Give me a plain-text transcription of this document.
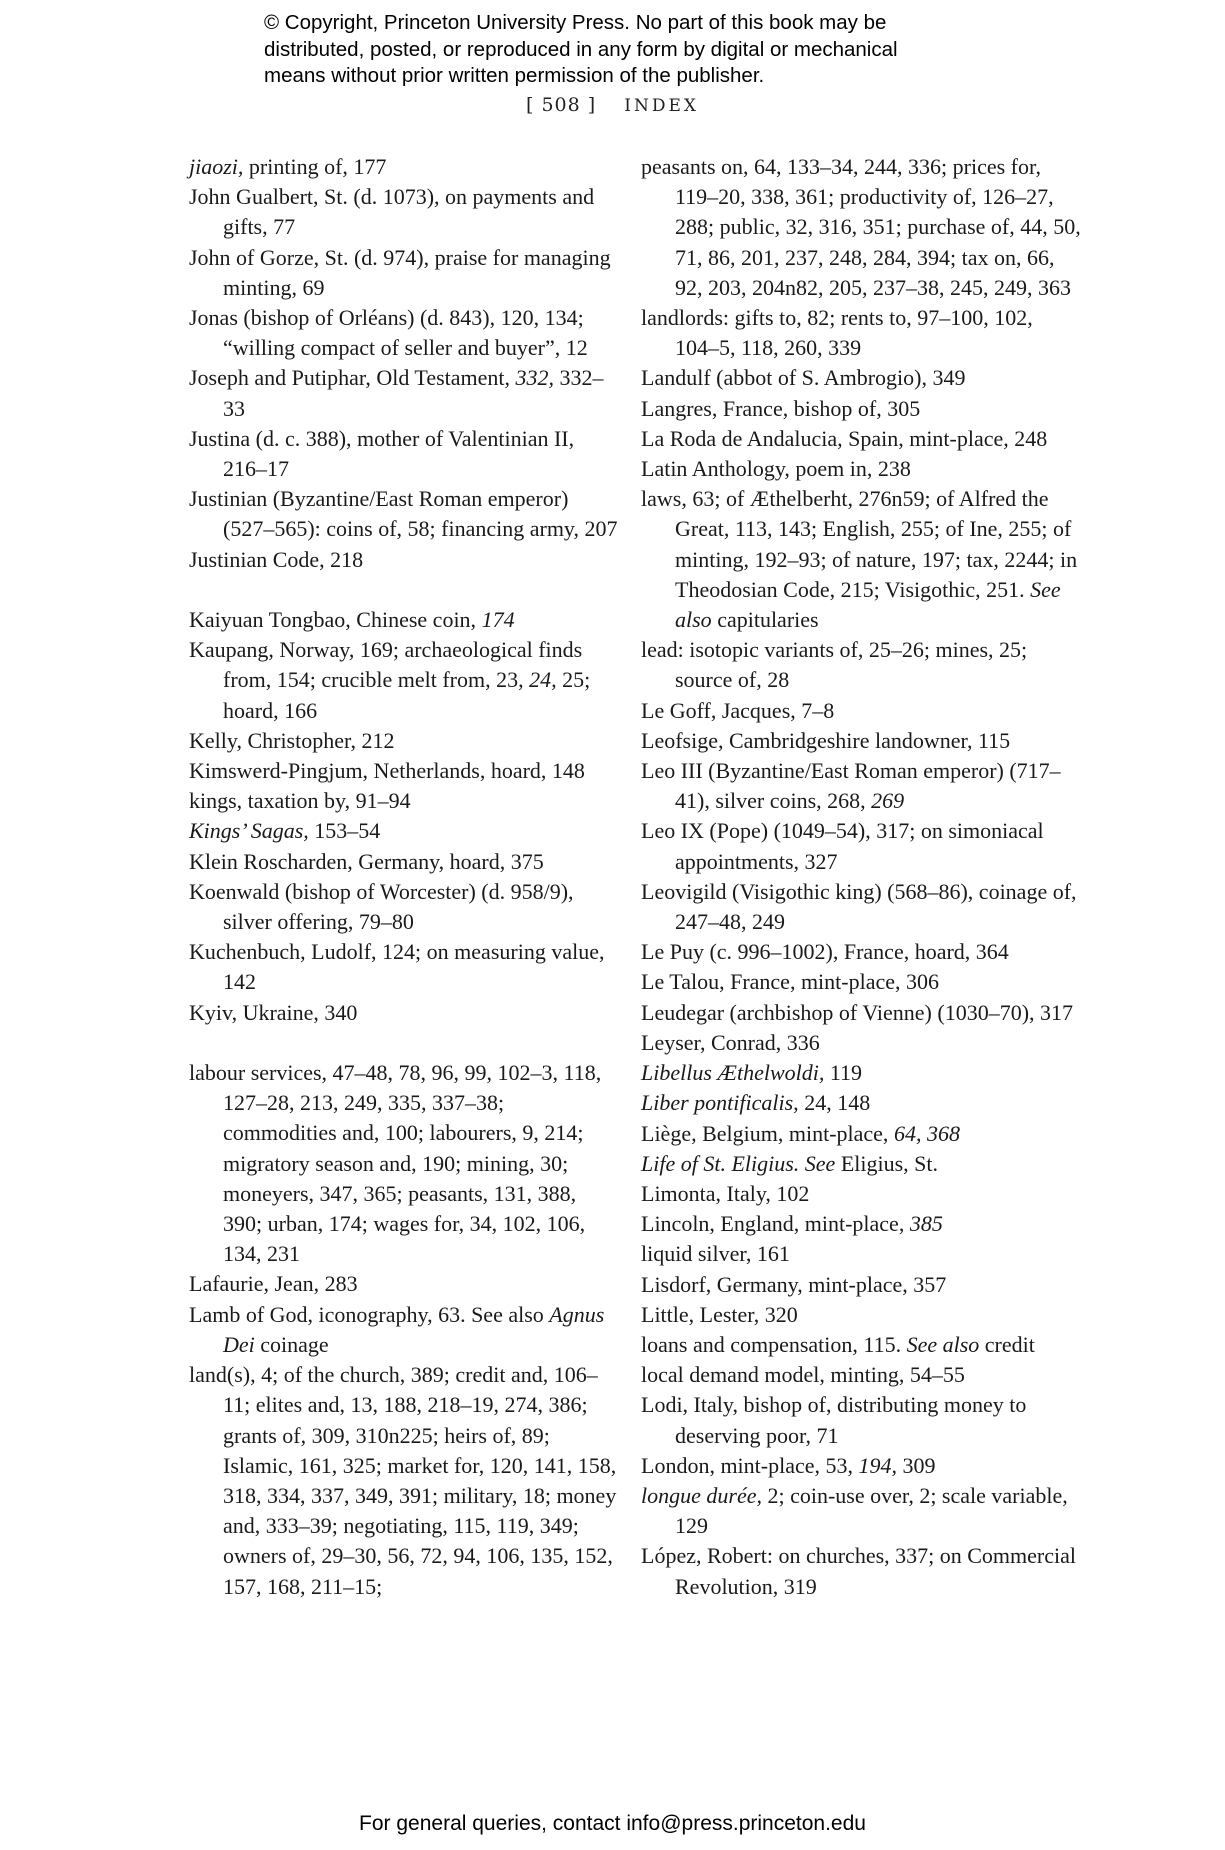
© Copyright, Princeton University Press. No part of this book may be
distributed, posted, or reproduced in any form by digital or mechanical
means without prior written permission of the publisher.
[ 508 ] INDEX
jiaozi, printing of, 177
John Gualbert, St. (d. 1073), on payments and gifts, 77
John of Gorze, St. (d. 974), praise for managing minting, 69
Jonas (bishop of Orléans) (d. 843), 120, 134; “willing compact of seller and buyer”, 12
Joseph and Putiphar, Old Testament, 332, 332–33
Justina (d. c. 388), mother of Valentinian II, 216–17
Justinian (Byzantine/East Roman emperor) (527–565): coins of, 58; financing army, 207
Justinian Code, 218
Kaiyuan Tongbao, Chinese coin, 174
Kaupang, Norway, 169; archaeological finds from, 154; crucible melt from, 23, 24, 25; hoard, 166
Kelly, Christopher, 212
Kimswerd-Pingjum, Netherlands, hoard, 148
kings, taxation by, 91–94
Kings’ Sagas, 153–54
Klein Roscharden, Germany, hoard, 375
Koenwald (bishop of Worcester) (d. 958/9), silver offering, 79–80
Kuchenbuch, Ludolf, 124; on measuring value, 142
Kyiv, Ukraine, 340
labour services, 47–48, 78, 96, 99, 102–3, 118, 127–28, 213, 249, 335, 337–38; commodities and, 100; labourers, 9, 214; migratory season and, 190; mining, 30; moneyers, 347, 365; peasants, 131, 388, 390; urban, 174; wages for, 34, 102, 106, 134, 231
Lafaurie, Jean, 283
Lamb of God, iconography, 63. See also Agnus Dei coinage
land(s), 4; of the church, 389; credit and, 106–11; elites and, 13, 188, 218–19, 274, 386; grants of, 309, 310n225; heirs of, 89; Islamic, 161, 325; market for, 120, 141, 158, 318, 334, 337, 349, 391; military, 18; money and, 333–39; negotiating, 115, 119, 349; owners of, 29–30, 56, 72, 94, 106, 135, 152, 157, 168, 211–15;
peasants on, 64, 133–34, 244, 336; prices for, 119–20, 338, 361; productivity of, 126–27, 288; public, 32, 316, 351; purchase of, 44, 50, 71, 86, 201, 237, 248, 284, 394; tax on, 66, 92, 203, 204n82, 205, 237–38, 245, 249, 363
landlords: gifts to, 82; rents to, 97–100, 102, 104–5, 118, 260, 339
Landulf (abbot of S. Ambrogio), 349
Langres, France, bishop of, 305
La Roda de Andalucia, Spain, mint-place, 248
Latin Anthology, poem in, 238
laws, 63; of Æthelberht, 276n59; of Alfred the Great, 113, 143; English, 255; of Ine, 255; of minting, 192–93; of nature, 197; tax, 2244; in Theodosian Code, 215; Visigothic, 251. See also capitularies
lead: isotopic variants of, 25–26; mines, 25; source of, 28
Le Goff, Jacques, 7–8
Leofsige, Cambridgeshire landowner, 115
Leo III (Byzantine/East Roman emperor) (717–41), silver coins, 268, 269
Leo IX (Pope) (1049–54), 317; on simoniacal appointments, 327
Leovigild (Visigothic king) (568–86), coinage of, 247–48, 249
Le Puy (c. 996–1002), France, hoard, 364
Le Talou, France, mint-place, 306
Leudegar (archbishop of Vienne) (1030–70), 317
Leyser, Conrad, 336
Libellus Æthelwoldi, 119
Liber pontificalis, 24, 148
Liège, Belgium, mint-place, 64, 368
Life of St. Eligius. See Eligius, St.
Limonta, Italy, 102
Lincoln, England, mint-place, 385
liquid silver, 161
Lisdorf, Germany, mint-place, 357
Little, Lester, 320
loans and compensation, 115. See also credit
local demand model, minting, 54–55
Lodi, Italy, bishop of, distributing money to deserving poor, 71
London, mint-place, 53, 194, 309
longue durée, 2; coin-use over, 2; scale variable, 129
López, Robert: on churches, 337; on Commercial Revolution, 319
For general queries, contact info@press.princeton.edu
